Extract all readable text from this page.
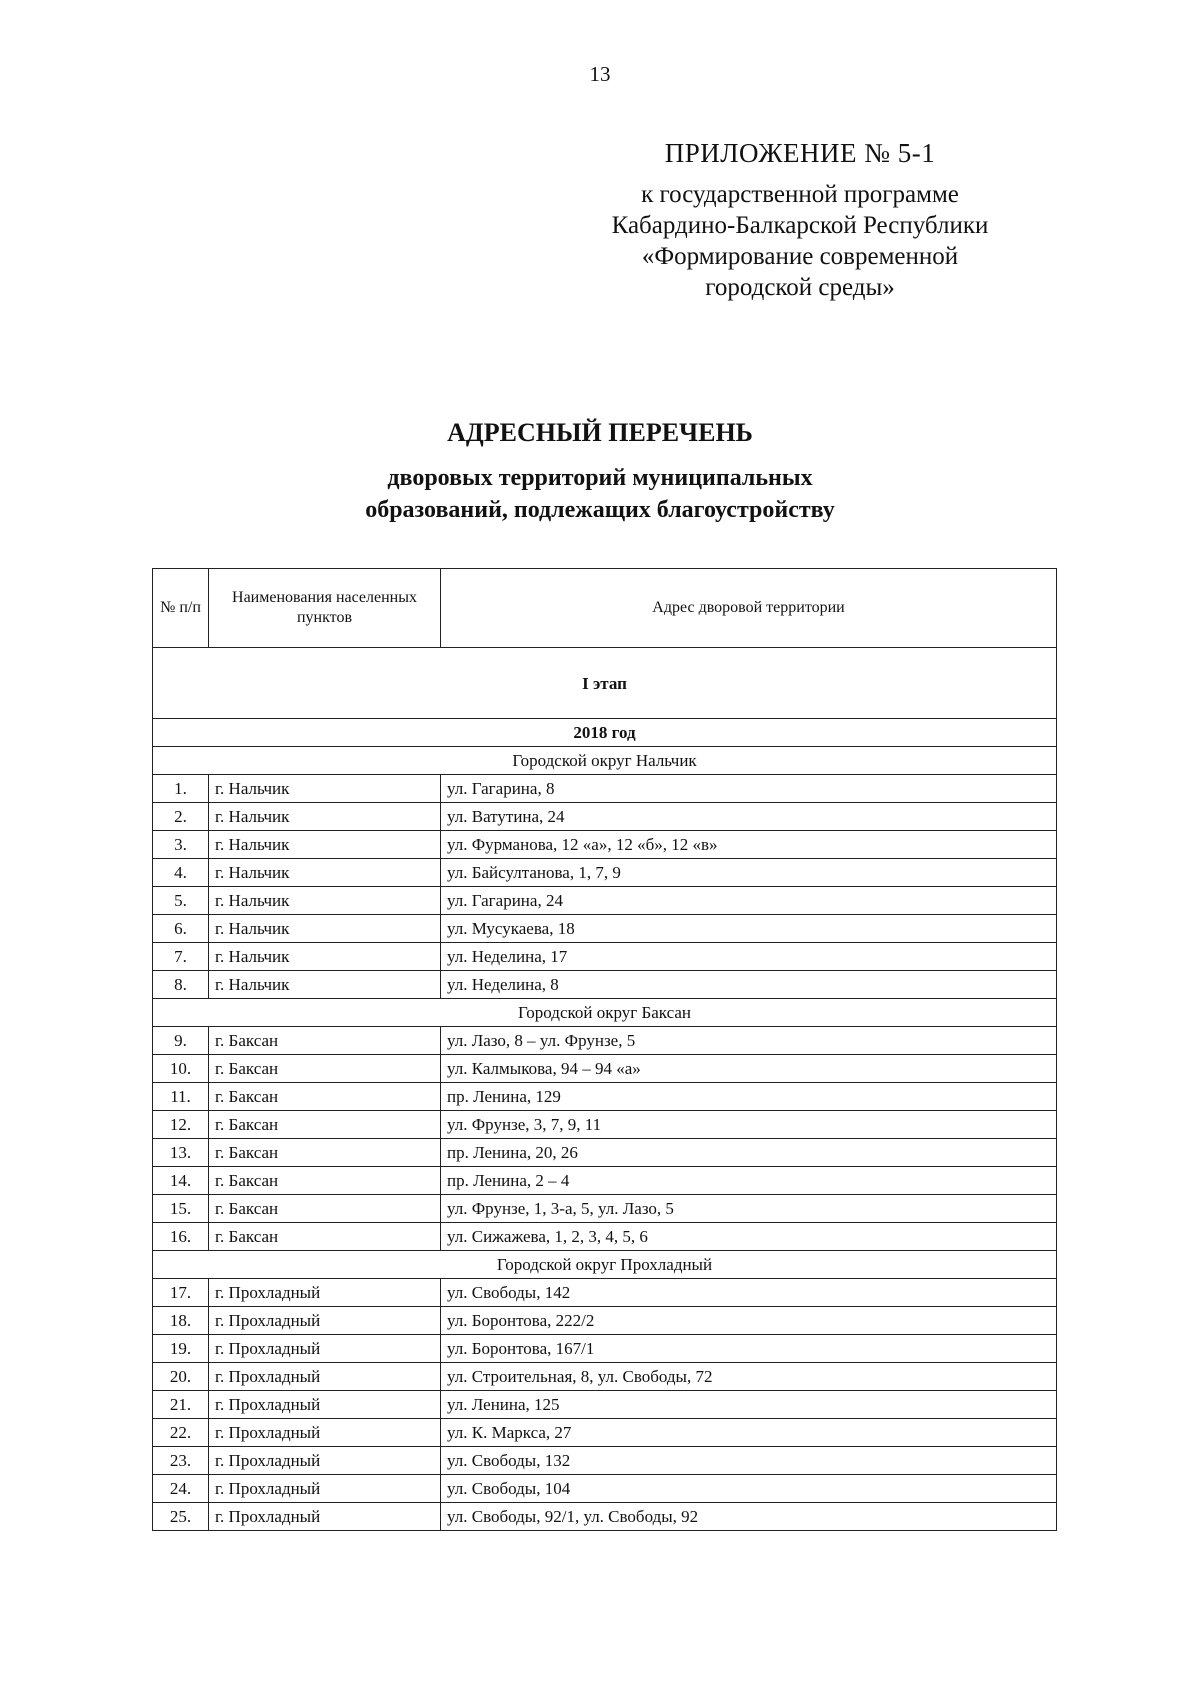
13
ПРИЛОЖЕНИЕ № 5-1
к государственной программе
Кабардино-Балкарской Республики
«Формирование современной
городской среды»
АДРЕСНЫЙ ПЕРЕЧЕНЬ
дворовых территорий муниципальных
образований, подлежащих благоустройству
№ п/п	Наименования населенных пунктов	Адрес дворовой территории
I этап		
2018 год		
Городской округ Нальчик		
1.	г. Нальчик	ул. Гагарина, 8
2.	г. Нальчик	ул. Ватутина, 24
3.	г. Нальчик	ул. Фурманова, 12 «а», 12 «б», 12 «в»
4.	г. Нальчик	ул. Байсултанова, 1, 7, 9
5.	г. Нальчик	ул. Гагарина, 24
6.	г. Нальчик	ул. Мусукаева, 18
7.	г. Нальчик	ул. Неделина, 17
8.	г. Нальчик	ул. Неделина, 8
Городской округ Баксан		
9.	г. Баксан	ул. Лазо, 8 – ул. Фрунзе, 5
10.	г. Баксан	ул. Калмыкова, 94 – 94 «а»
11.	г. Баксан	пр. Ленина, 129
12.	г. Баксан	ул. Фрунзе, 3, 7, 9, 11
13.	г. Баксан	пр. Ленина, 20, 26
14.	г. Баксан	пр. Ленина, 2 – 4
15.	г. Баксан	ул. Фрунзе, 1, 3-а, 5, ул. Лазо, 5
16.	г. Баксан	ул. Сижажева, 1, 2, 3, 4, 5, 6
Городской округ Прохладный		
17.	г. Прохладный	ул. Свободы, 142
18.	г. Прохладный	ул. Боронтова, 222/2
19.	г. Прохладный	ул. Боронтова, 167/1
20.	г. Прохладный	ул. Строительная, 8, ул. Свободы, 72
21.	г. Прохладный	ул. Ленина, 125
22.	г. Прохладный	ул. К. Маркса, 27
23.	г. Прохладный	ул. Свободы, 132
24.	г. Прохладный	ул. Свободы, 104
25.	г. Прохладный	ул. Свободы, 92/1, ул. Свободы, 92
